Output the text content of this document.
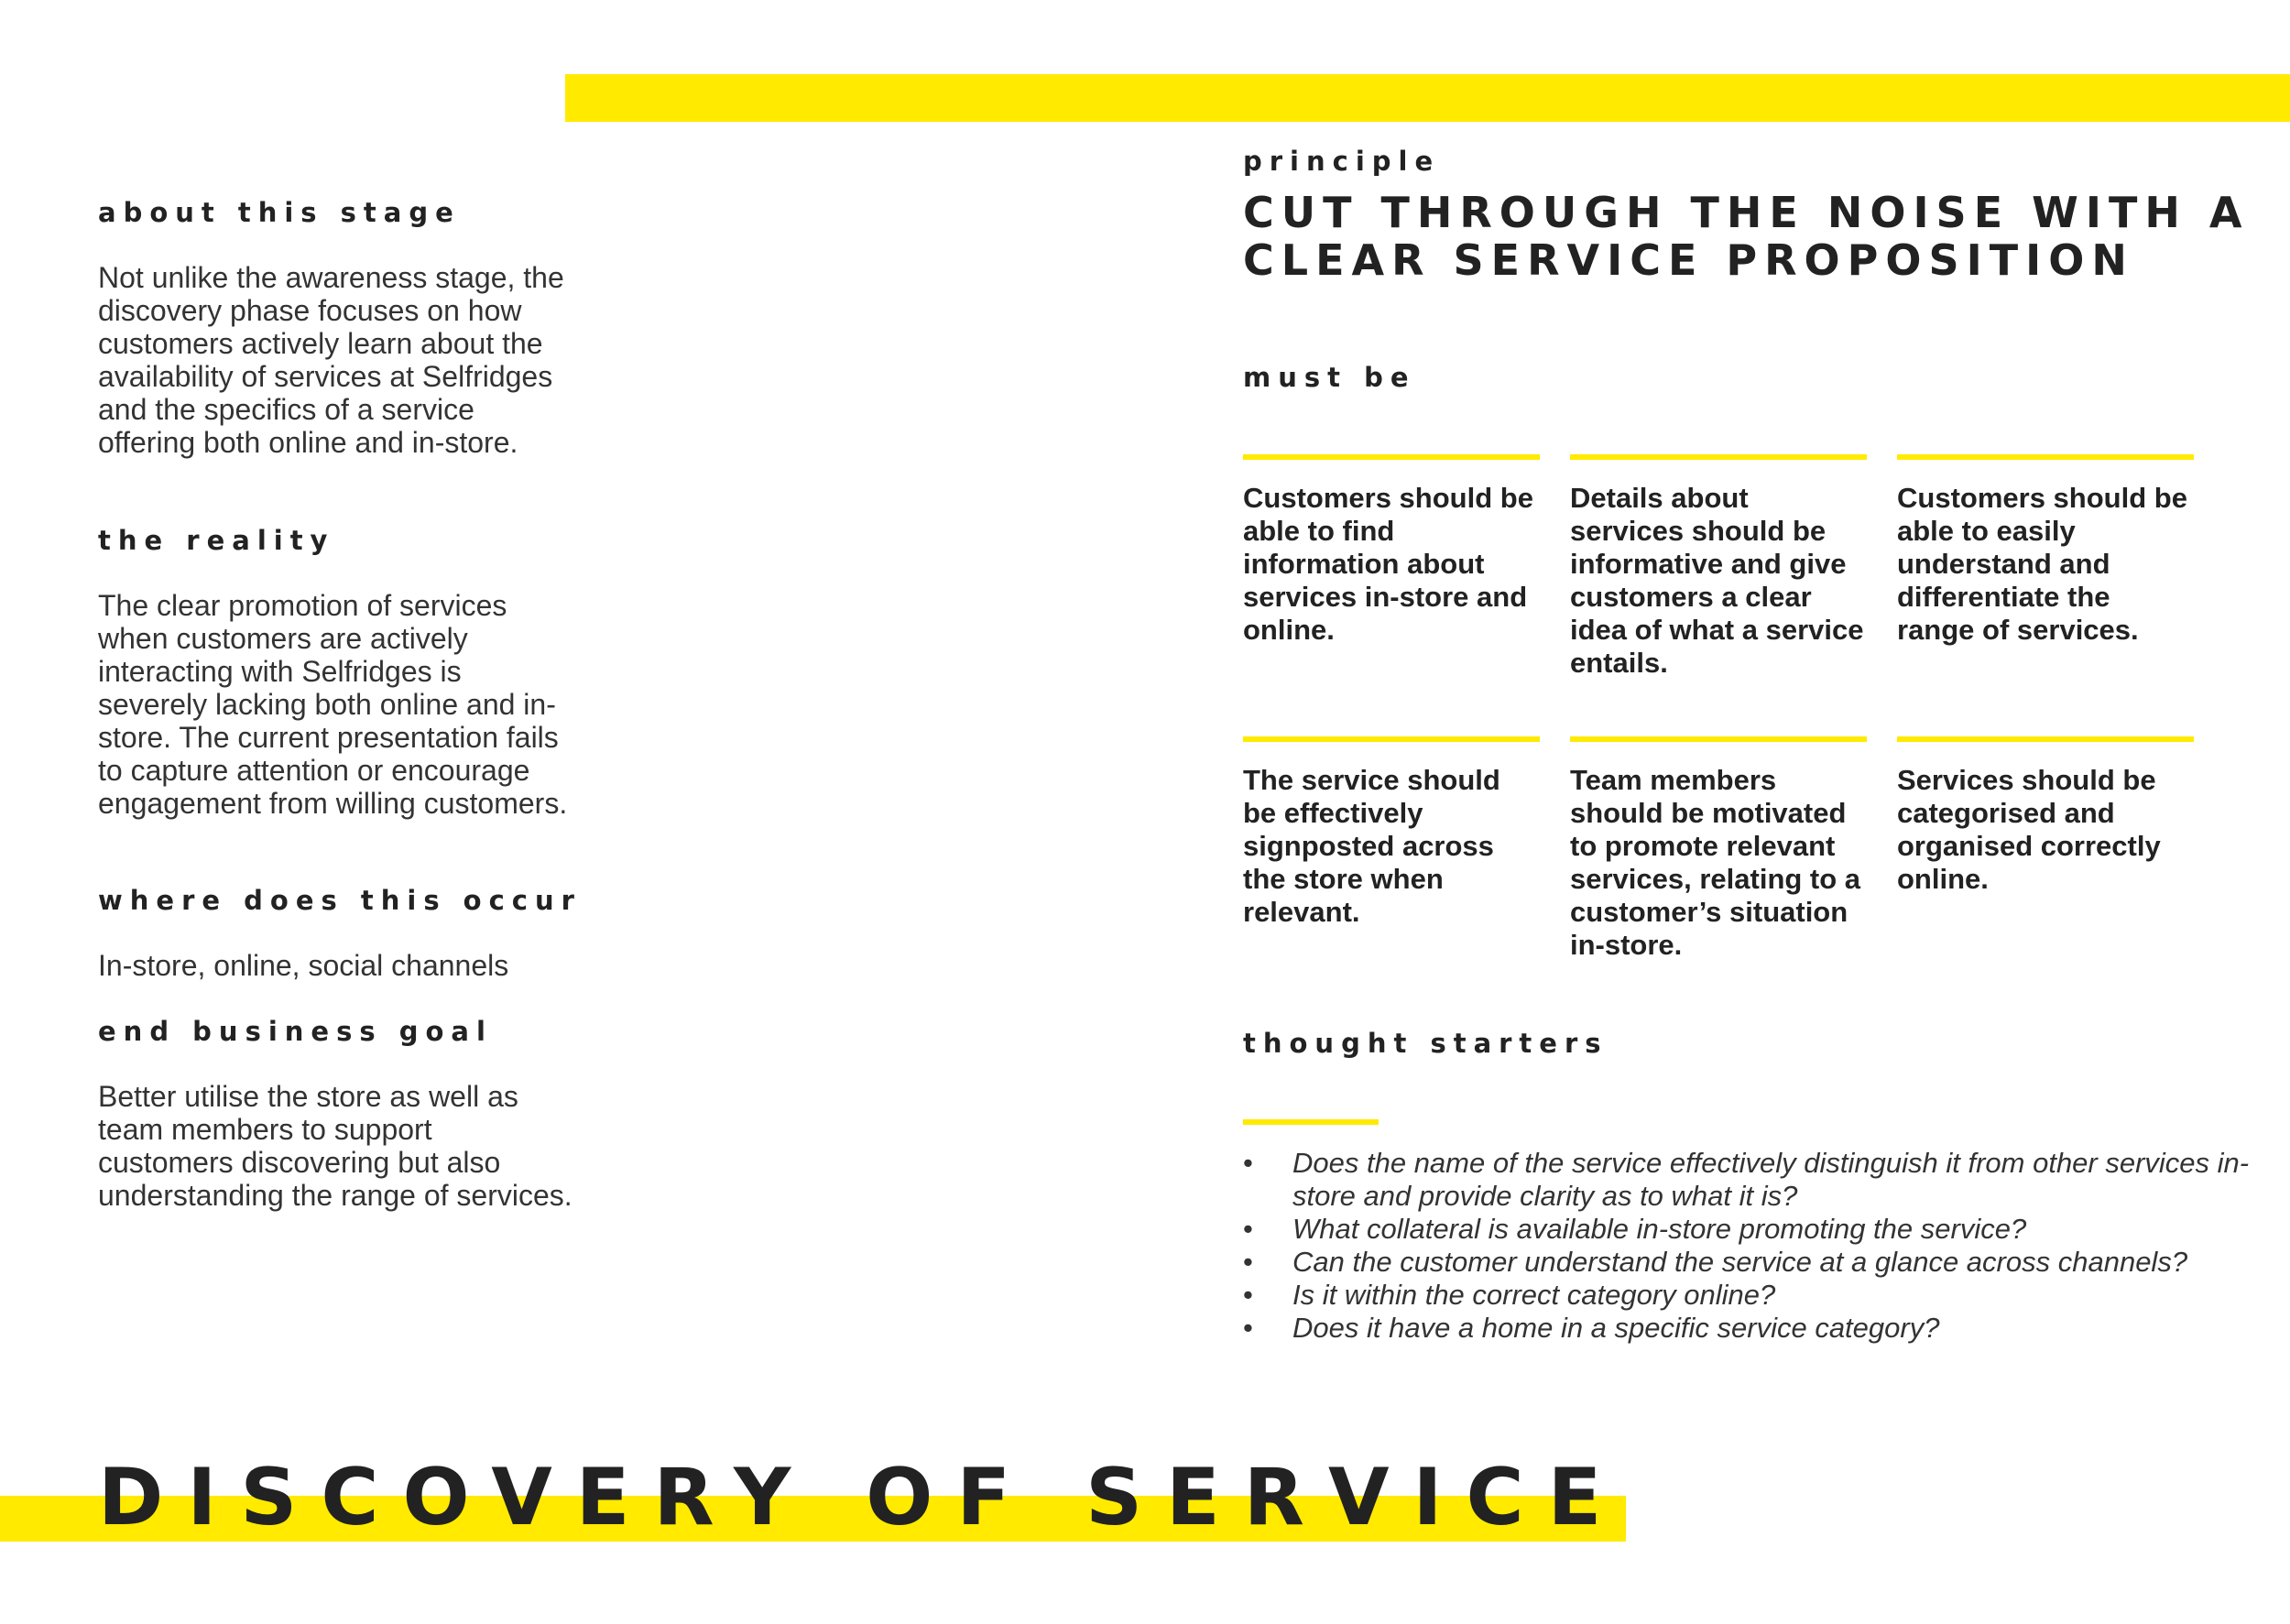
about this stage

Not unlike the awareness stage, the discovery phase focuses on how customers actively learn about the availability of services at Selfridges and the specifics of a service offering both online and in-store.

the reality

The clear promotion of services when customers are actively interacting with Selfridges is severely lacking both online and in-store. The current presentation fails to capture attention or encourage engagement from willing customers.

where does this occur

In-store, online, social channels

end business goal

Better utilise the store as well as team members to support customers discovering but also understanding the range of services.

principle
CUT THROUGH THE NOISE WITH A CLEAR SERVICE PROPOSITION
must be

Customers should be able to find information about services in-store and online.

Details about services should be informative and give customers a clear idea of what a service entails.

Customers should be able to easily understand and differentiate the range of services.

The service should be effectively signposted across the store when relevant.

Team members should be motivated to promote relevant services, relating to a customer’s situation in-store.

Services should be categorised and organised correctly online.

thought starters
• Does the name of the service effectively distinguish it from other services in-store and provide clarity as to what it is?
• What collateral is available in-store promoting the service?
• Can the customer understand the service at a glance across channels?
• Is it within the correct category online?
• Does it have a home in a specific service category?
DISCOVERY OF SERVICE
